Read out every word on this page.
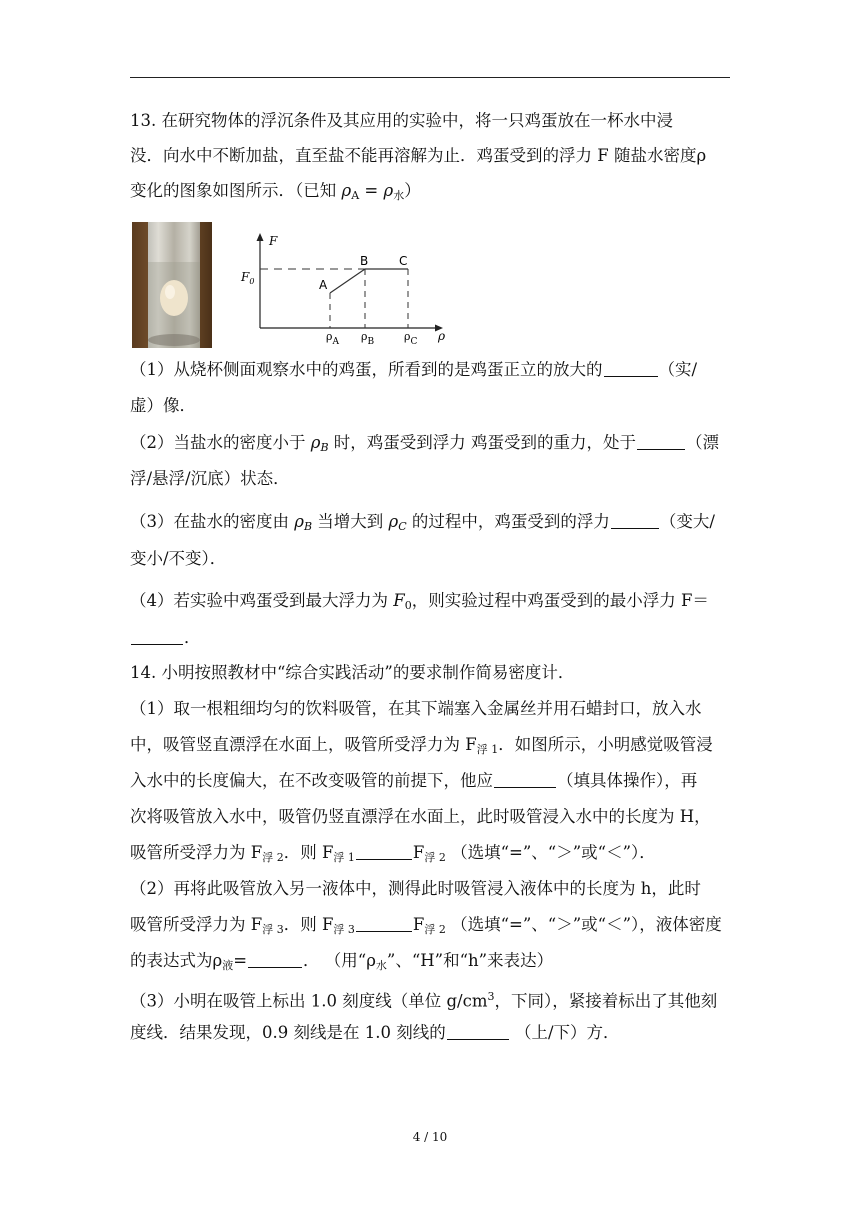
13. 在研究物体的浮沉条件及其应用的实验中，将一只鸡蛋放在一杯水中浸
没．向水中不断加盐，直至盐不能再溶解为止．鸡蛋受到的浮力 F 随盐水密度ρ
变化的图象如图所示．（已知 $\rho_A = \rho_水$）
F
ρ
$F_0$	A
B	C
$\rho_A$ $\rho_B$	$\rho_C$
（1）从烧杯侧面观察水中的鸡蛋，所看到的是鸡蛋正立的放大的	（实/
虚）像．
（2）当盐水的密度小于 $\rho_B$ 时，鸡蛋受到浮力 鸡蛋受到的重力，处于	（漂
浮/悬浮/沉底）状态．
（3）在盐水的密度由 $\rho_B$ 当增大到 $\rho_C$ 的过程中，鸡蛋受到的浮力	（变大/
变小/不变）．
（4）若实验中鸡蛋受到最大浮力为 $F_0$，则实验过程中鸡蛋受到的最小浮力 F＝
．
14. 小明按照教材中“综合实践活动”的要求制作简易密度计．
（1）取一根粗细均匀的饮料吸管，在其下端塞入金属丝并用石蜡封口，放入水
中，吸管竖直漂浮在水面上，吸管所受浮力为 $F_{浮 1}$．如图所示，小明感觉吸管浸
入水中的长度偏大，在不改变吸管的前提下，他应	（填具体操作），再
次将吸管放入水中，吸管仍竖直漂浮在水面上，此时吸管浸入水中的长度为 H，
吸管所受浮力为 $F_{浮 2}$．则 $F_{浮 1}$	$F_{浮 2}$ （选填“=”、“＞”或“＜”）．
（2）再将此吸管放入另一液体中，测得此时吸管浸入液体中的长度为 h，此时
吸管所受浮力为 $F_{浮 3}$．则 $F_{浮 3}$	$F_{浮 2}$ （选填“=”、“＞”或“＜”），液体密度
的表达式为$\rho_液=$	． （用“$\rho_水$”、“H”和“h”来表达）
（3）小明在吸管上标出 1.0 刻度线（单位 $g/cm^3$，下同），紧接着标出了其他刻
度线．结果发现，0.9 刻线是在 1.0 刻线的	（上/下）方．
4 / 10
